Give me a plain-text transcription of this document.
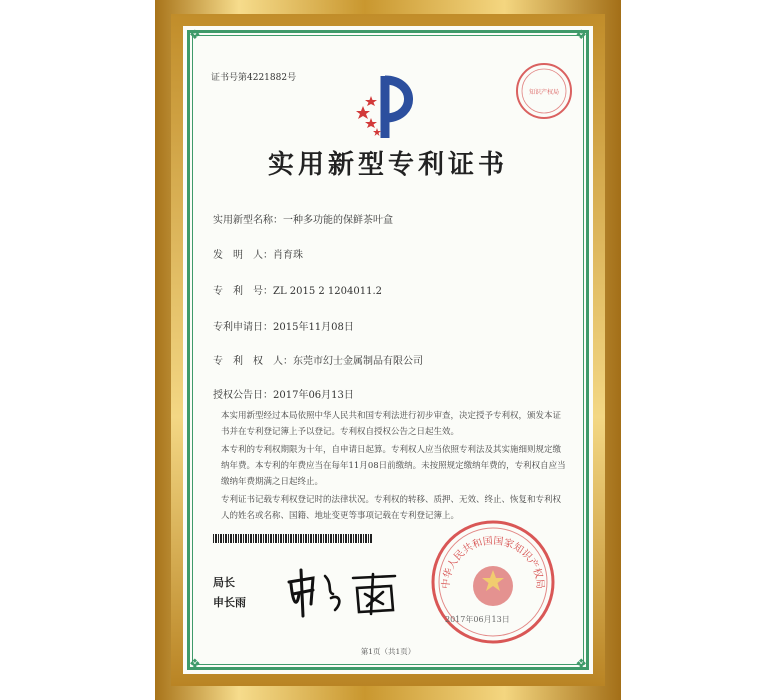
❖	❖
❖	❖
证书号第4221882号
知识产权局
实用新型专利证书
实用新型名称：一种多功能的保鲜茶叶盒
发　明　人：肖育珠
专　利　号：ZL 2015 2 1204011.2
专利申请日：2015年11月08日
专　利　权　人：东莞市幻士金属制品有限公司
授权公告日：2017年06月13日
本实用新型经过本局依照中华人民共和国专利法进行初步审查，决定授予专利权，颁发本证书并在专利登记簿上予以登记。专利权自授权公告之日起生效。
本专利的专利权期限为十年，自申请日起算。专利权人应当依照专利法及其实施细则规定缴纳年费。本专利的年费应当在每年11月08日前缴纳。未按照规定缴纳年费的，专利权自应当缴纳年费期满之日起终止。
专利证书记载专利权登记时的法律状况。专利权的转移、质押、无效、终止、恢复和专利权人的姓名或名称、国籍、地址变更等事项记载在专利登记簿上。
局长
申长雨
中华人民共和国国家知识产权局
2017年06月13日
第1页（共1页）
